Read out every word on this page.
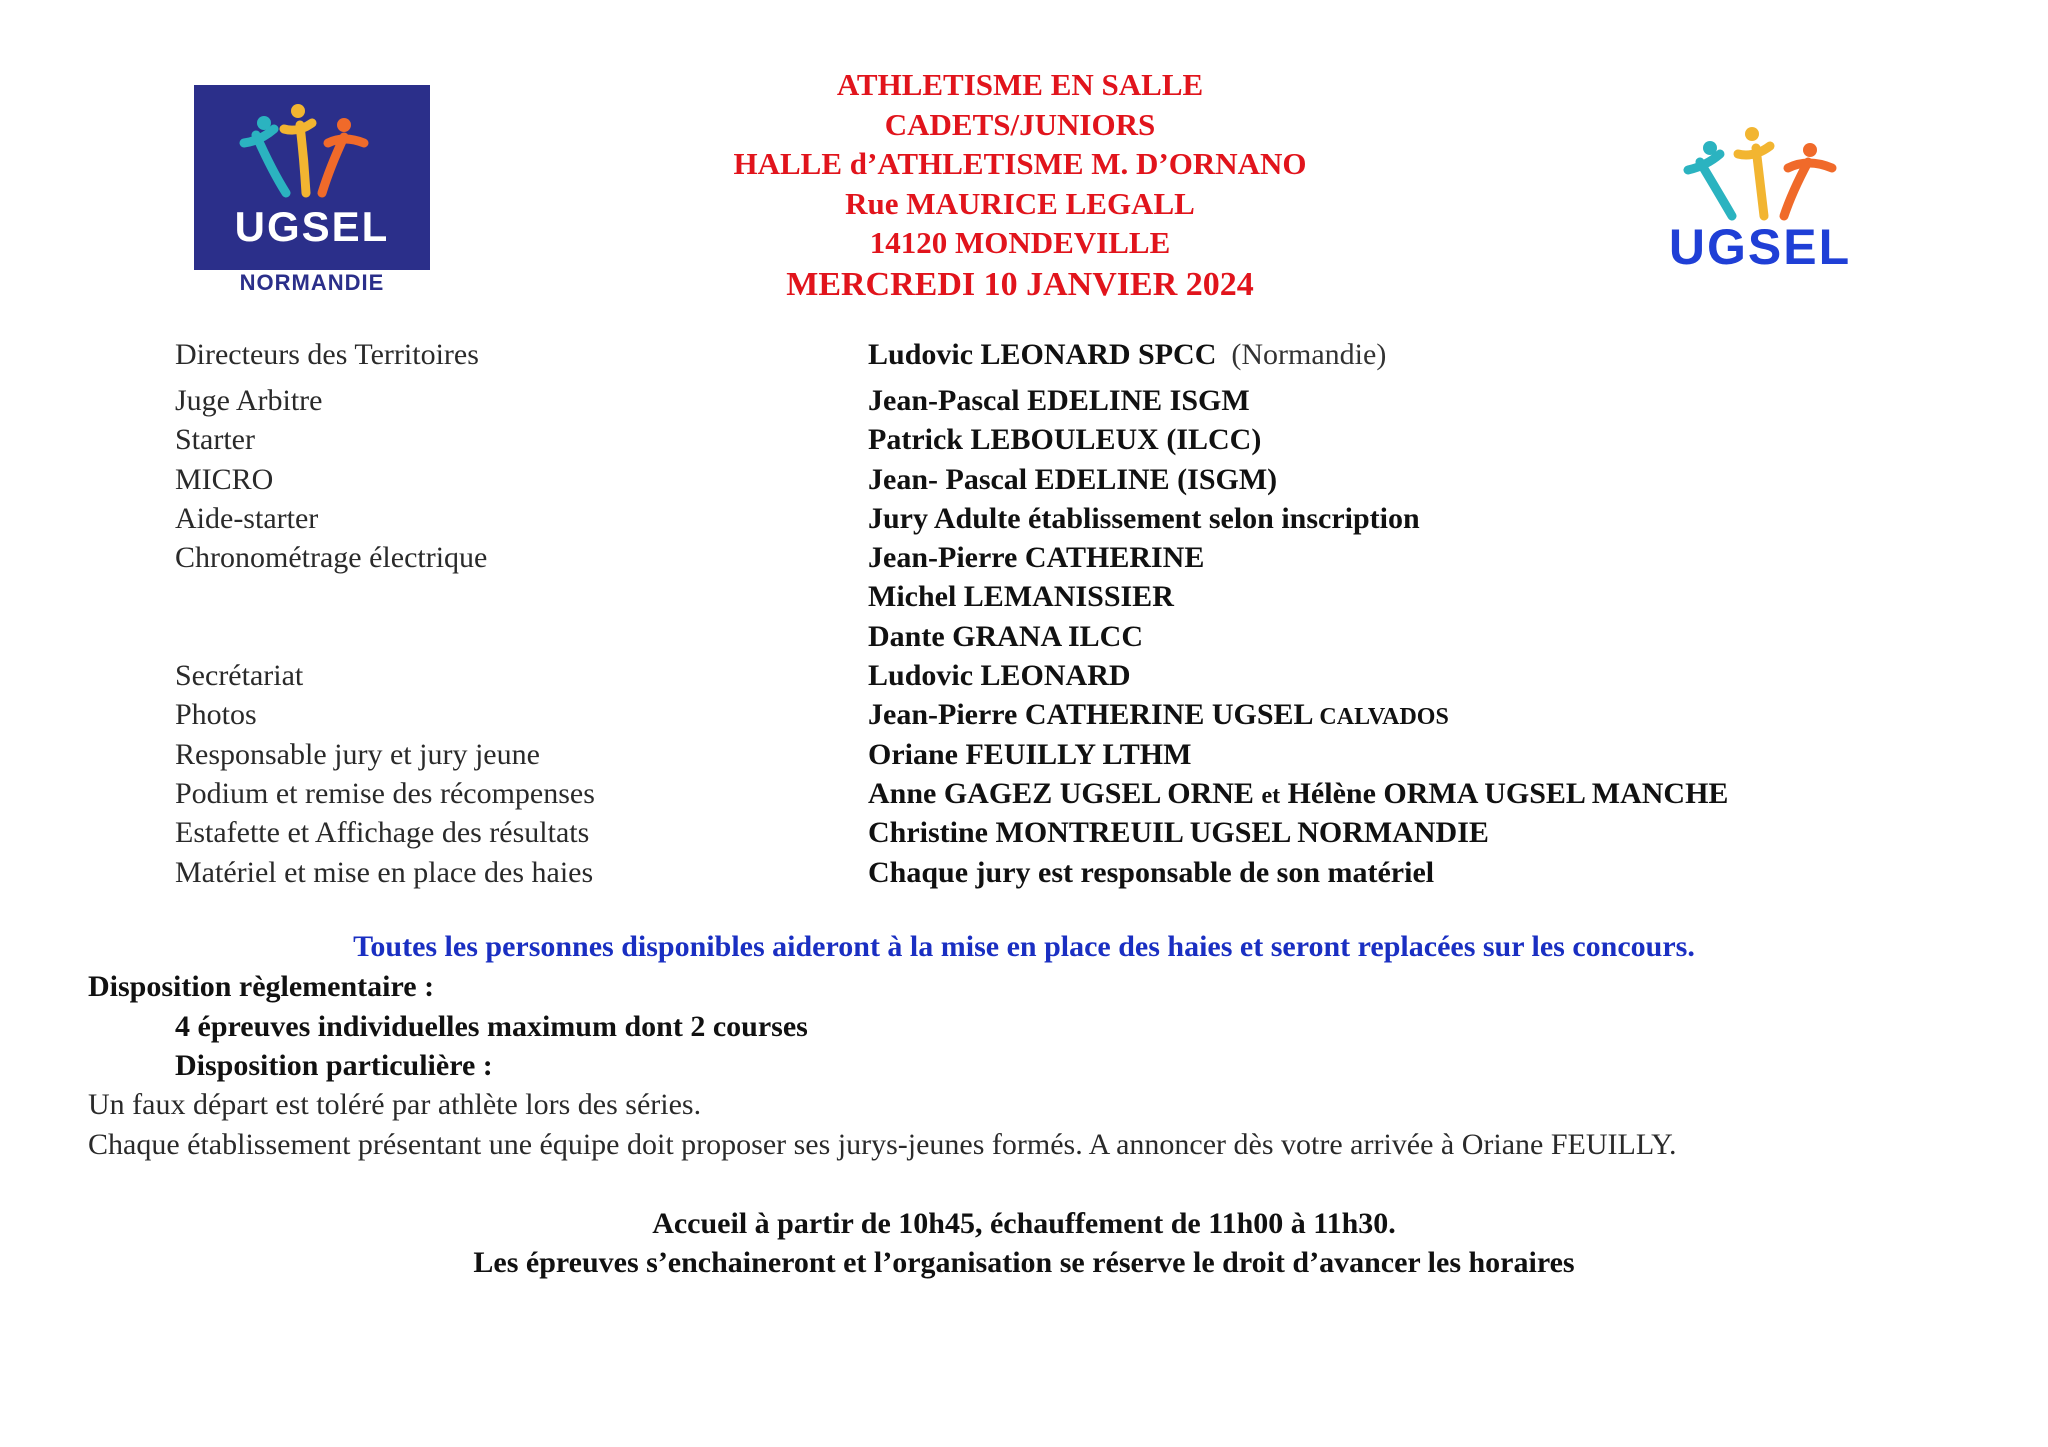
UGSEL
NORMANDIE
UGSEL
ATHLETISME EN SALLE
CADETS/JUNIORS
HALLE d’ATHLETISME M. D’ORNANO
Rue MAURICE LEGALL
14120 MONDEVILLE
MERCREDI 10 JANVIER 2024
Directeurs des Territoires	Ludovic LEONARD SPCC (Normandie)
Juge Arbitre	Jean-Pascal EDELINE ISGM
Starter	Patrick LEBOULEUX (ILCC)
MICRO	Jean- Pascal EDELINE (ISGM)
Aide-starter	Jury Adulte établissement selon inscription
Chronométrage électrique	Jean-Pierre CATHERINE
Michel LEMANISSIER
Dante GRANA ILCC
Secrétariat	Ludovic LEONARD
Photos	Jean-Pierre CATHERINE UGSEL CALVADOS
Responsable jury et jury jeune	Oriane FEUILLY LTHM
Podium et remise des récompenses	Anne GAGEZ UGSEL ORNE et Hélène ORMA UGSEL MANCHE
Estafette et Affichage des résultats	Christine MONTREUIL UGSEL NORMANDIE
Matériel et mise en place des haies	Chaque jury est responsable de son matériel
Toutes les personnes disponibles aideront à la mise en place des haies et seront replacées sur les concours.
Disposition règlementaire :
4 épreuves individuelles maximum dont 2 courses
Disposition particulière :
Un faux départ est toléré par athlète lors des séries.
Chaque établissement présentant une équipe doit proposer ses jurys-jeunes formés. A annoncer dès votre arrivée à Oriane FEUILLY.
Accueil à partir de 10h45, échauffement de 11h00 à 11h30.
Les épreuves s’enchaineront et l’organisation se réserve le droit d’avancer les horaires
